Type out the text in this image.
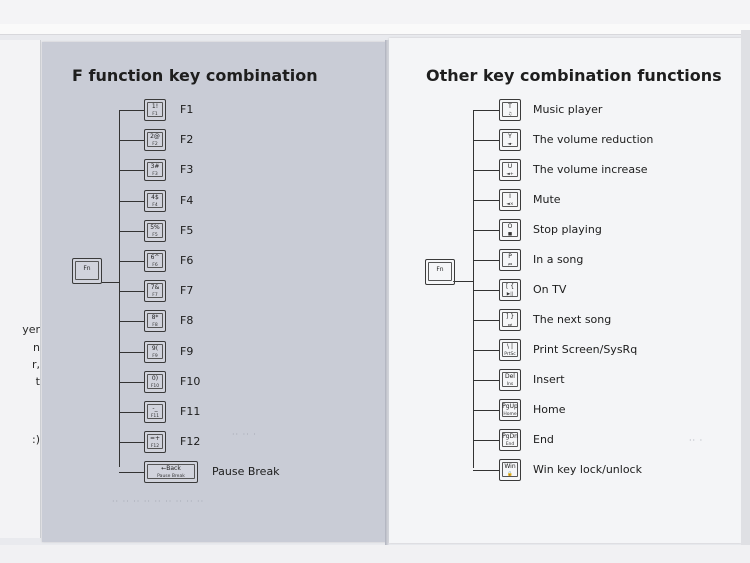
yer
n
r,
t
:)
F function key combination
Fn
1!
F1	F1
2@
F2	F2
3#
F3	F3
4$
F4	F4
5%
F5	F5
6^
F6	F6
7&
F7	F7
8*
F8	F8
9(
F9	F9
0)
F10	F10
-_
F11	F11
=+
F12	F12
←Back
Pause Break	Pause Break
·· ·· ·
·· ·· ·· ·· ·· ·· ·· ·· ··
Other key combination functions
Fn
T
♫	Music player
Y
◄-	The volume reduction
U
◄+	The volume increase
I
◄×	Mute
O
■	Stop playing
P
⏮	In a song
[ {
▶||	On TV
] }
⏭	The next song
\ |
PrtSc	Print Screen/SysRq
Del
Ins	Insert
PgUp
Home	Home
PgDn
End	End
Win
🔒	Win key lock/unlock
·· ·
